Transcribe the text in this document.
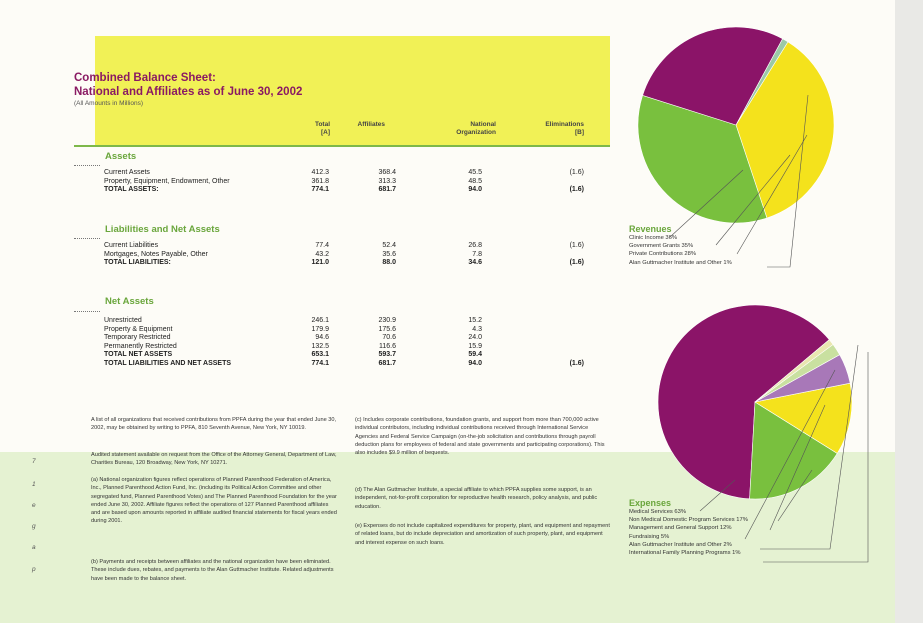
Combined Balance Sheet:
National and Affiliates as of June 30, 2002
(All Amounts in Millions)
Total
[A]
Affiliates	National
Organization
Eliminations
[B]
Assets
Current Assets	412.3	368.4	45.5	(1.6)
Property, Equipment, Endowment, Other	361.8	313.3	48.5
TOTAL ASSETS:	774.1	681.7	94.0	(1.6)
Liabilities and Net Assets
Current Liabilities	77.4	52.4	26.8	(1.6)
Mortgages, Notes Payable, Other	43.2	35.6	7.8
TOTAL LIABILITIES:	121.0	88.0	34.6	(1.6)
Net Assets
Unrestricted	246.1	230.9	15.2
Property & Equipment	179.9	175.6	4.3
Temporary Restricted	94.6	70.6	24.0
Permanently Restricted	132.5	116.6	15.9
TOTAL NET ASSETS	653.1	593.7	59.4
TOTAL LIABILITIES AND NET ASSETS	774.1	681.7	94.0	(1.6)

A list of all organizations that received contributions from PPFA during the year that ended June 30, 2002, may be obtained by writing to PPFA, 810 Seventh Avenue, New York, NY 10019.

Audited statement available on request from the Office of the Attorney General, Department of Law, Charities Bureau, 120 Broadway, New York, NY 10271.

(a) National organization figures reflect operations of Planned Parenthood Federation of America, Inc., Planned Parenthood Action Fund, Inc. (including its Political Action Committee and other segregated fund, Planned Parenthood Votes) and The Planned Parenthood Foundation for the year ended June 30, 2002. Affiliate figures reflect the operations of 127 Planned Parenthood affiliates and are based upon amounts reported in affiliate audited financial statements for fiscal years ended during 2001.

(b) Payments and receipts between affiliates and the national organization have been eliminated. These include dues, rebates, and payments to the Alan Guttmacher Institute. Related adjustments have been made to the balance sheet.

(c) Includes corporate contributions, foundation grants, and support from more than 700,000 active individual contributors, including individual contributions received through International Service Agencies and Federal Service Campaign (on-the-job solicitation and contributions through payroll deduction plans for employees of federal and state governments and participating corporations). This also includes $9.9 million of bequests.

(d) The Alan Guttmacher Institute, a special affiliate to which PPFA supplies some support, is an independent, not-for-profit corporation for reproductive health research, policy analysis, and public education.

(e) Expenses do not include capitalized expenditures for property, plant, and equipment and repayment of related loans, but do include depreciation and amortization of such property, plant, and equipment and interest expense on such loans.

7
1
e
g
a
p
Revenues
Clinic Income 36%
Government Grants 35%
Private Contributions 28%
Alan Guttmacher Institute and Other 1%
Expenses
Medical Services 63%
Non Medical Domestic Program Services 17%
Management and General Support 12%
Fundraising 5%
Alan Guttmacher Institute and Other 2%
International Family Planning Programs 1%
